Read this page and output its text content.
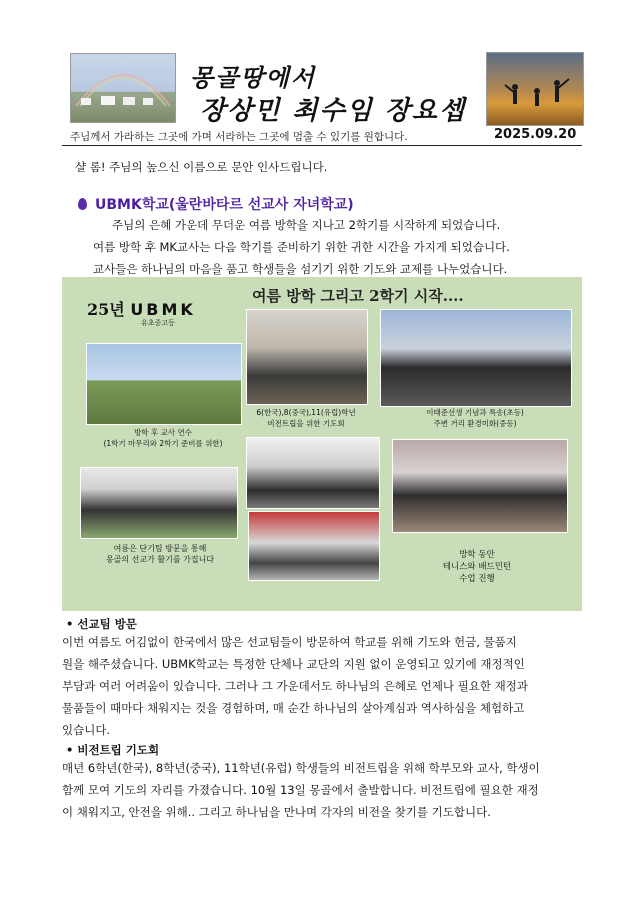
몽골땅에서
장상민 최수임 장요셉
주님께서 가라하는 그곳에 가며 서라하는 그곳에 멈출 수 있기를 원합니다.	2025.09.20
샬 롬! 주님의 높으신 이름으로 문안 인사드립니다.
UBMK학교(울란바타르 선교사 자녀학교)
주님의 은혜 가운데 무더운 여름 방학을 지나고 2학기를 시작하게 되었습니다.
여름 방학 후 MK교사는 다음 학기를 준비하기 위한 귀한 시간을 가지게 되었습니다.
교사들은 하나님의 마음을 품고 학생들을 섬기기 위한 기도와 교제를 나누었습니다.
여름 방학 그리고 2학기 시작....
25년 UBMK
유초중고등
방학 후 교사 연수
(1학기 마무리와 2학기 준비를 위한)
6(한국),8(중국),11(유럽)학년
비전트립을 위한 기도회
이태준선생 기념과 특송(초등)
주변 거리 환경미화(중등)
여름은 단기팀 방문을 통해
몽골의 선교가 활기를 가집니다	방학 동안
테니스와 배드민턴
수업 진행
• 선교팀 방문
이번 여름도 어김없이 한국에서 많은 선교팀들이 방문하여 학교를 위해 기도와 헌금, 물품지
원을 해주셨습니다. UBMK학교는 특정한 단체나 교단의 지원 없이 운영되고 있기에 재정적인
부담과 여러 어려움이 있습니다. 그러나 그 가운데서도 하나님의 은혜로 언제나 필요한 재정과
물품들이 때마다 채워지는 것을 경험하며, 매 순간 하나님의 살아계심과 역사하심을 체험하고
있습니다.
• 비전트립 기도회
매년 6학년(한국), 8학년(중국), 11학년(유럽) 학생들의 비전트립을 위해 학부모와 교사, 학생이
함께 모여 기도의 자리를 가졌습니다. 10월 13일 몽골에서 출발합니다. 비전트립에 필요한 재정
이 채워지고, 안전을 위해.. 그리고 하나님을 만나며 각자의 비전을 찾기를 기도합니다.
